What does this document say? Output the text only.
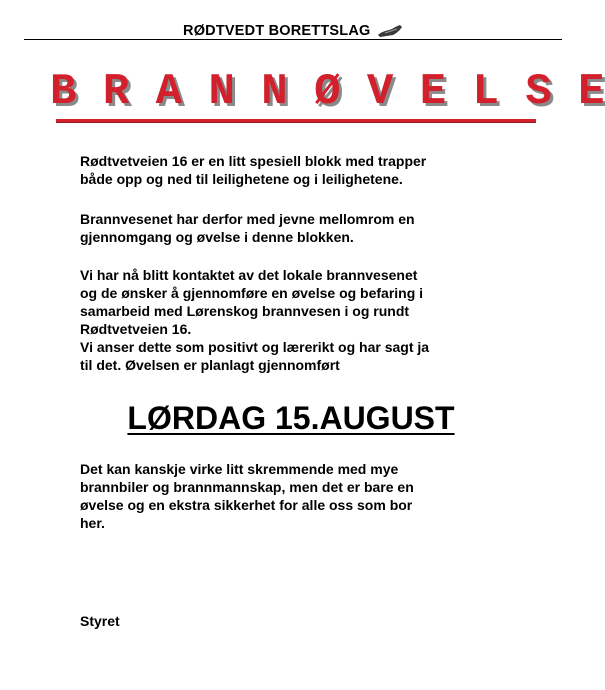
RØDTVEDT BORETTSLAG
B R A N N Ø V E L S E

Rødtvetveien 16 er en litt spesiell blokk med trapper
både opp og ned til leilighetene og i leilighetene.

Brannvesenet har derfor med jevne mellomrom en
gjennomgang og øvelse i denne blokken.

Vi har nå blitt kontaktet av det lokale brannvesenet
og de ønsker å gjennomføre en øvelse og befaring i
samarbeid med Lørenskog brannvesen i og rundt
Rødtvetveien 16.
Vi anser dette som positivt og lærerikt og har sagt ja
til det. Øvelsen er planlagt gjennomført

LØRDAG 15.AUGUST

Det kan kanskje virke litt skremmende med mye
brannbiler og brannmannskap, men det er bare en
øvelse og en ekstra sikkerhet for alle oss som bor
her.

Styret
